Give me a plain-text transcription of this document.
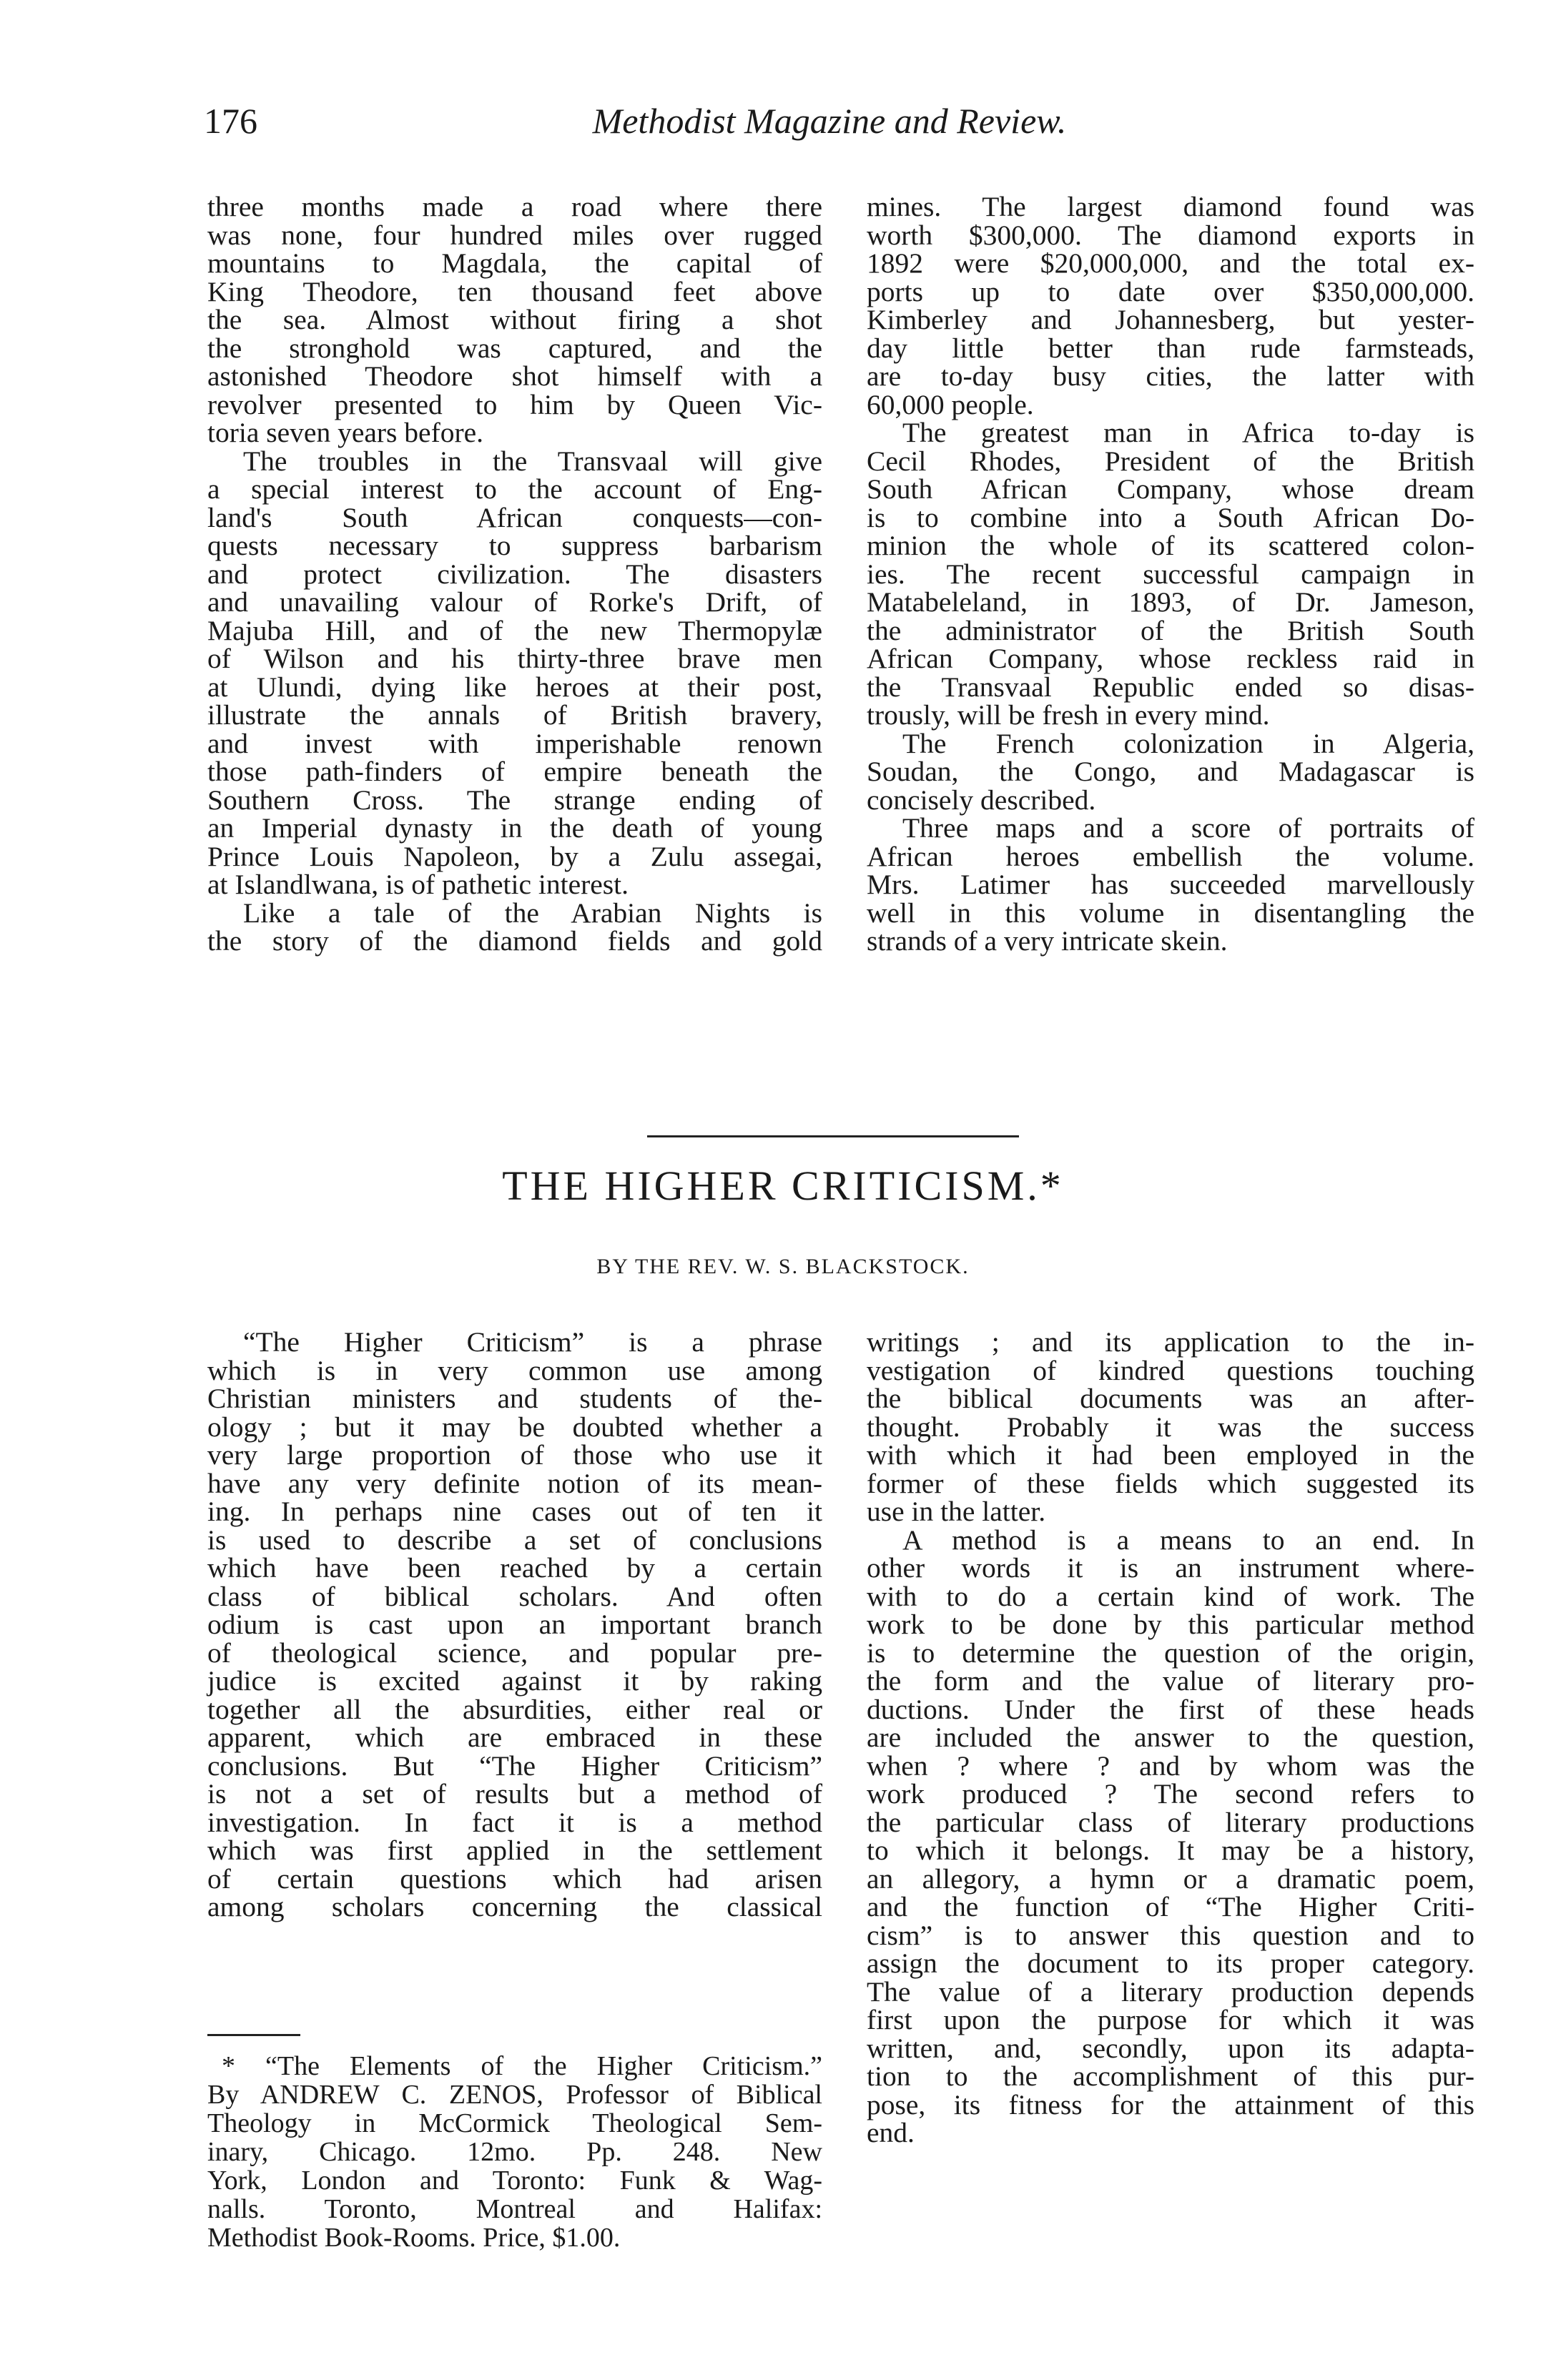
176	Methodist Magazine and Review.
three months made a road where there
was none, four hundred miles over rugged
mountains to Magdala, the capital of
King Theodore, ten thousand feet above
the sea. Almost without firing a shot
the stronghold was captured, and the
astonished Theodore shot himself with a
revolver presented to him by Queen Vic-
toria seven years before.
The troubles in the Transvaal will give
a special interest to the account of Eng-
land's South African conquests—con-
quests necessary to suppress barbarism
and protect civilization. The disasters
and unavailing valour of Rorke's Drift, of
Majuba Hill, and of the new Thermopylæ
of Wilson and his thirty-three brave men
at Ulundi, dying like heroes at their post,
illustrate the annals of British bravery,
and invest with imperishable renown
those path-finders of empire beneath the
Southern Cross. The strange ending of
an Imperial dynasty in the death of young
Prince Louis Napoleon, by a Zulu assegai,
at Islandlwana, is of pathetic interest.
Like a tale of the Arabian Nights is
the story of the diamond fields and gold
mines. The largest diamond found was
worth $300,000. The diamond exports in
1892 were $20,000,000, and the total ex-
ports up to date over $350,000,000.
Kimberley and Johannesberg, but yester-
day little better than rude farmsteads,
are to-day busy cities, the latter with
60,000 people.
The greatest man in Africa to-day is
Cecil Rhodes, President of the British
South African Company, whose dream
is to combine into a South African Do-
minion the whole of its scattered colon-
ies. The recent successful campaign in
Matabeleland, in 1893, of Dr. Jameson,
the administrator of the British South
African Company, whose reckless raid in
the Transvaal Republic ended so disas-
trously, will be fresh in every mind.
The French colonization in Algeria,
Soudan, the Congo, and Madagascar is
concisely described.
Three maps and a score of portraits of
African heroes embellish the volume.
Mrs. Latimer has succeeded marvellously
well in this volume in disentangling the
strands of a very intricate skein.
THE HIGHER CRITICISM.*
BY THE REV. W. S. BLACKSTOCK.
“The Higher Criticism” is a phrase
which is in very common use among
Christian ministers and students of the-
ology ; but it may be doubted whether a
very large proportion of those who use it
have any very definite notion of its mean-
ing. In perhaps nine cases out of ten it
is used to describe a set of conclusions
which have been reached by a certain
class of biblical scholars. And often
odium is cast upon an important branch
of theological science, and popular pre-
judice is excited against it by raking
together all the absurdities, either real or
apparent, which are embraced in these
conclusions. But “The Higher Criticism”
is not a set of results but a method of
investigation. In fact it is a method
which was first applied in the settlement
of certain questions which had arisen
among scholars concerning the classical
* “The Elements of the Higher Criticism.”
By ANDREW C. ZENOS, Professor of Biblical
Theology in McCormick Theological Sem-
inary, Chicago. 12mo. Pp. 248. New
York, London and Toronto: Funk & Wag-
nalls. Toronto, Montreal and Halifax:
Methodist Book-Rooms. Price, $1.00.
writings ; and its application to the in-
vestigation of kindred questions touching
the biblical documents was an after-
thought. Probably it was the success
with which it had been employed in the
former of these fields which suggested its
use in the latter.
A method is a means to an end. In
other words it is an instrument where-
with to do a certain kind of work. The
work to be done by this particular method
is to determine the question of the origin,
the form and the value of literary pro-
ductions. Under the first of these heads
are included the answer to the question,
when ? where ? and by whom was the
work produced ? The second refers to
the particular class of literary productions
to which it belongs. It may be a history,
an allegory, a hymn or a dramatic poem,
and the function of “The Higher Criti-
cism” is to answer this question and to
assign the document to its proper category.
The value of a literary production depends
first upon the purpose for which it was
written, and, secondly, upon its adapta-
tion to the accomplishment of this pur-
pose, its fitness for the attainment of this
end.
